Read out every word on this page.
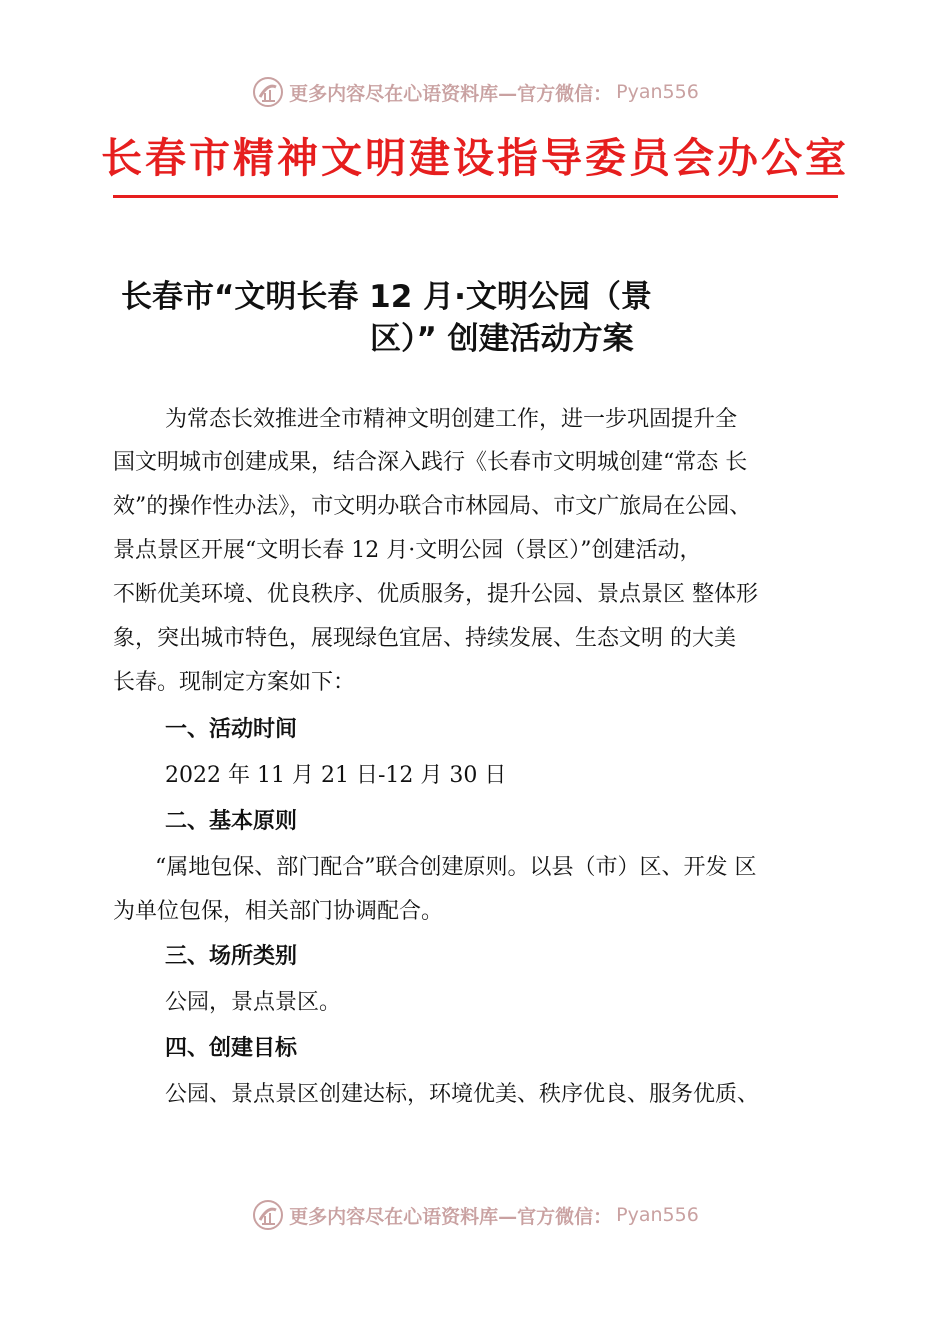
更多内容尽在心语资料库—官方微信： Pyan556
长春市精神文明建设指导委员会办公室
长春市“文明长春 12 月·文明公园（景
区）” 创建活动方案
为常态长效推进全市精神文明创建工作，进一步巩固提升全
国文明城市创建成果，结合深入践行《长春市文明城创建“常态 长
效”的操作性办法》，市文明办联合市林园局、市文广旅局在公园、
景点景区开展“文明长春 12 月·文明公园（景区）”创建活动，
不断优美环境、优良秩序、优质服务，提升公园、景点景区 整体形
象，突出城市特色，展现绿色宜居、持续发展、生态文明 的大美
长春。现制定方案如下：
一、活动时间
2022 年 11 月 21 日-12 月 30 日
二、基本原则
“属地包保、部门配合”联合创建原则。以县（市）区、开发 区
为单位包保，相关部门协调配合。
三、场所类别
公园，景点景区。
四、创建目标
公园、景点景区创建达标，环境优美、秩序优良、服务优质、
更多内容尽在心语资料库—官方微信： Pyan556
